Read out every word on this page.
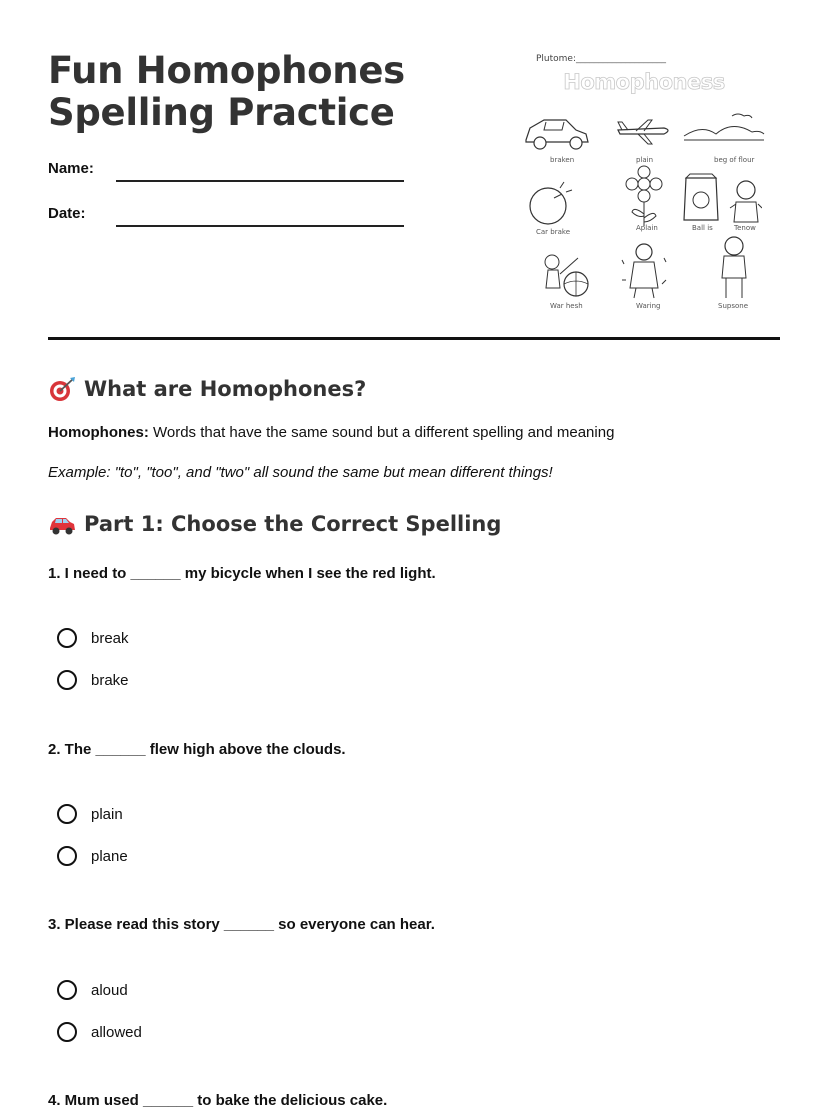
Fun Homophones
Spelling Practice
Name:
Date:
Plutome:____________________
Homophoness
braken	plain	beg of flour
Car brake	Aplain	Ball is	Tenow
War hesh	Waring	Supsone
What are Homophones?
Homophones: Words that have the same sound but a different spelling and meaning
Example: "to", "too", and "two" all sound the same but mean different things!
Part 1: Choose the Correct Spelling
1. I need to ______ my bicycle when I see the red light.
break
brake
2. The ______ flew high above the clouds.
plain
plane
3. Please read this story ______ so everyone can hear.
aloud
allowed
4. Mum used ______ to bake the delicious cake.
